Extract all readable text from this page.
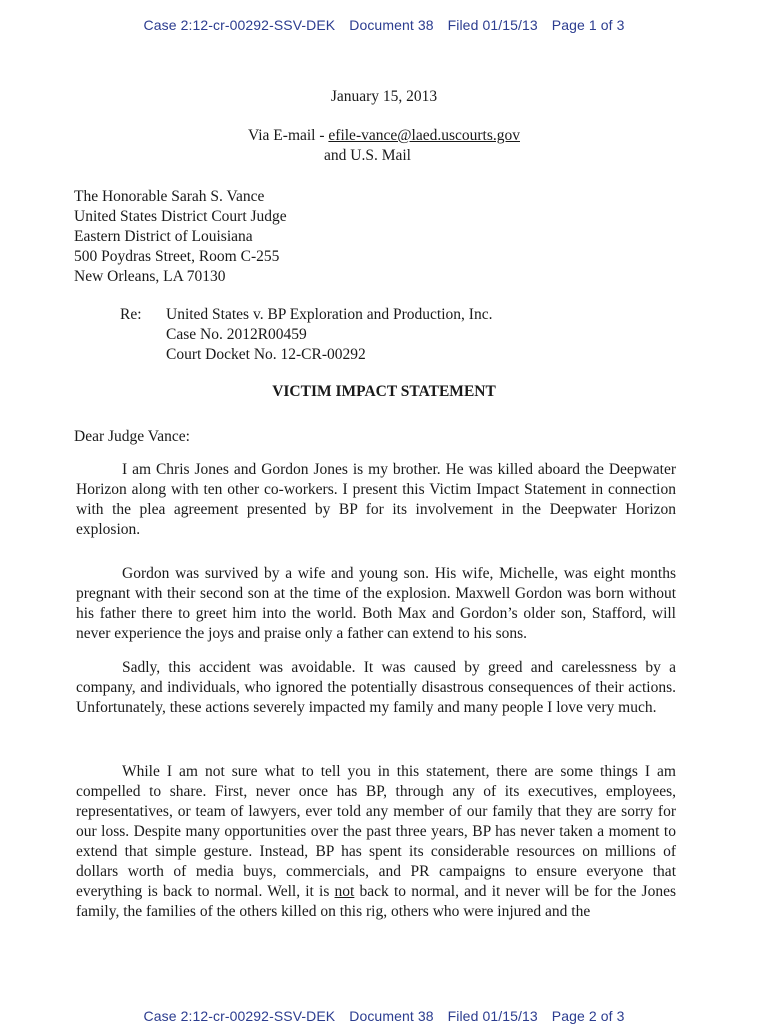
Case 2:12-cr-00292-SSV-DEK Document 38 Filed 01/15/13 Page 1 of 3
January 15, 2013
Via E-mail - efile-vance@laed.uscourts.gov
and U.S. Mail
The Honorable Sarah S. Vance
United States District Court Judge
Eastern District of Louisiana
500 Poydras Street, Room C-255
New Orleans, LA 70130
Re: United States v. BP Exploration and Production, Inc.
Case No. 2012R00459
Court Docket No. 12-CR-00292
VICTIM IMPACT STATEMENT
Dear Judge Vance:

I am Chris Jones and Gordon Jones is my brother. He was killed aboard the Deepwater Horizon along with ten other co-workers. I present this Victim Impact Statement in connection with the plea agreement presented by BP for its involvement in the Deepwater Horizon explosion.

Gordon was survived by a wife and young son. His wife, Michelle, was eight months pregnant with their second son at the time of the explosion. Maxwell Gordon was born without his father there to greet him into the world. Both Max and Gordon’s older son, Stafford, will never experience the joys and praise only a father can extend to his sons.

Sadly, this accident was avoidable. It was caused by greed and carelessness by a company, and individuals, who ignored the potentially disastrous consequences of their actions. Unfortunately, these actions severely impacted my family and many people I love very much.

While I am not sure what to tell you in this statement, there are some things I am compelled to share. First, never once has BP, through any of its executives, employees, representatives, or team of lawyers, ever told any member of our family that they are sorry for our loss. Despite many opportunities over the past three years, BP has never taken a moment to extend that simple gesture. Instead, BP has spent its considerable resources on millions of dollars worth of media buys, commercials, and PR campaigns to ensure everyone that everything is back to normal. Well, it is not back to normal, and it never will be for the Jones family, the families of the others killed on this rig, others who were injured and the

Case 2:12-cr-00292-SSV-DEK Document 38 Filed 01/15/13 Page 2 of 3
